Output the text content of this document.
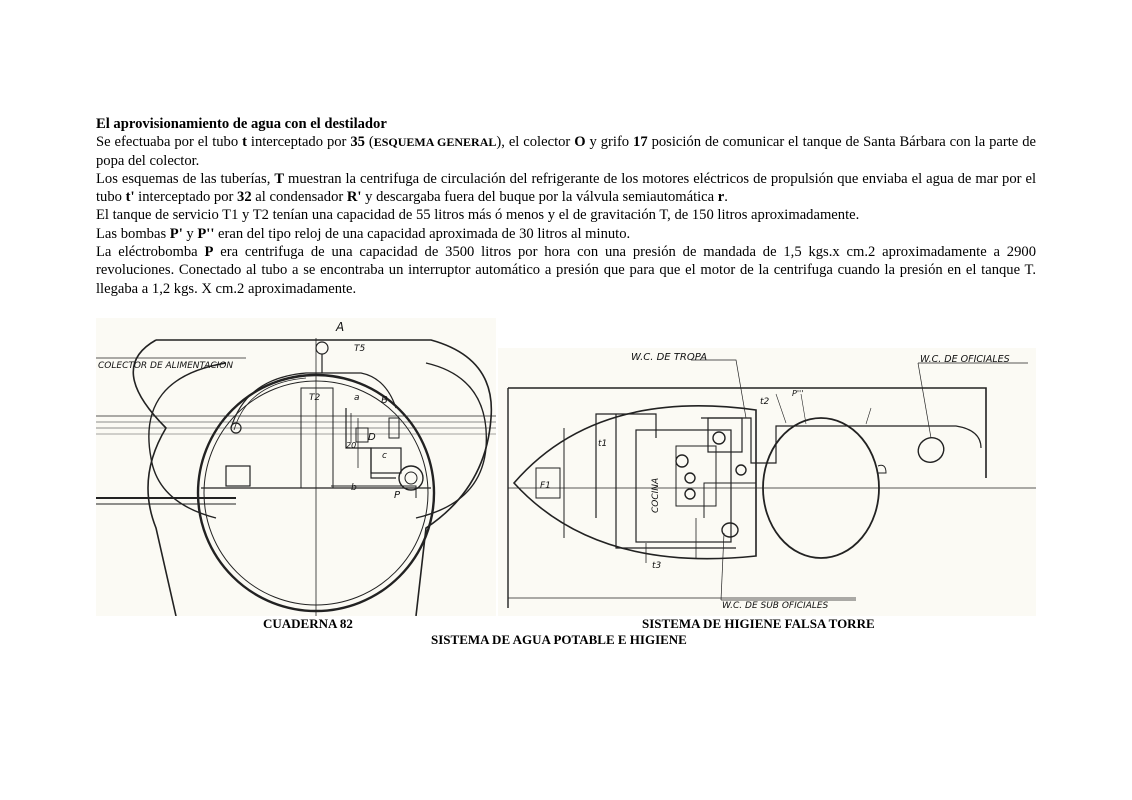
El aprovisionamiento de agua con el destilador

Se efectuaba por el tubo t interceptado por 35 (ESQUEMA GENERAL), el colector O y grifo 17 posición de comunicar el tanque de Santa Bárbara con la parte de popa del colector.

Los esquemas de las tuberías, T muestran la centrifuga de circulación del refrigerante de los motores eléctricos de propulsión que enviaba el agua de mar por el tubo t' interceptado por 32 al condensador R' y descargaba fuera del buque por la válvula semiautomática r.

El tanque de servicio T1 y T2 tenían una capacidad de 55 litros más ó menos y el de gravitación T, de 150 litros aproximadamente.

Las bombas P' y P'' eran del tipo reloj de una capacidad aproximada de 30 litros al minuto.

La eléctrobomba P era centrifuga de una capacidad de 3500 litros por hora con una presión de mandada de 1,5 kgs.x cm.2 aproximadamente a 2900 revoluciones. Conectado al tubo a se encontraba un interruptor automático a presión que para que el motor de la centrifuga cuando la presión en el tanque T. llegaba a 1,2 kgs. X cm.2 aproximadamente.

COLECTOR DE ALIMENTACION
A
T5
B
a
T2
D
c
20
P
b
W.C. DE TROPA	W.C. DE OFICIALES
W.C. DE SUB OFICIALES
COCINA
t1
t2
t3
P'''
F1
CUADERNA 82	SISTEMA DE HIGIENE FALSA TORRE
SISTEMA DE AGUA POTABLE E HIGIENE
